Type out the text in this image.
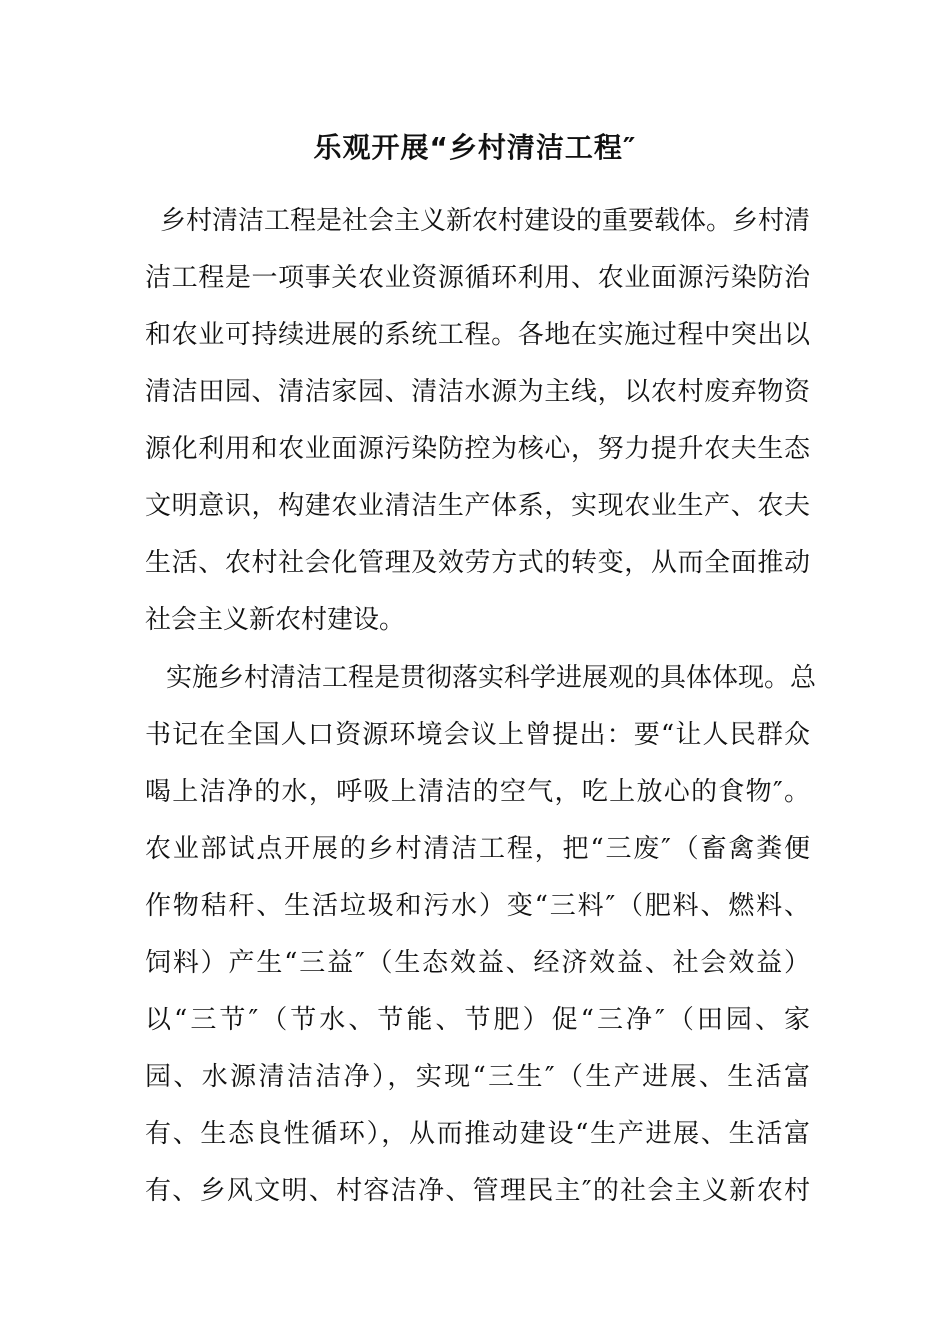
乐观开展“乡村清洁工程″
乡村清洁工程是社会主义新农村建设的重要载体。乡村清
洁工程是一项事关农业资源循环利用、农业面源污染防治
和农业可持续进展的系统工程。各地在实施过程中突出以
清洁田园、清洁家园、清洁水源为主线，以农村废弃物资
源化利用和农业面源污染防控为核心，努力提升农夫生态
文明意识，构建农业清洁生产体系，实现农业生产、农夫
生活、农村社会化管理及效劳方式的转变，从而全面推动
社会主义新农村建设。
实施乡村清洁工程是贯彻落实科学进展观的具体体现。总
书记在全国人口资源环境会议上曾提出：要“让人民群众
喝上洁净的水，呼吸上清洁的空气，吃上放心的食物″。
农业部试点开展的乡村清洁工程，把“三废″（畜禽粪便
作物秸秆、生活垃圾和污水）变“三料″（肥料、燃料、
饲料）产生“三益″（生态效益、经济效益、社会效益）
以“三节″（节水、节能、节肥）促“三净″（田园、家
园、水源清洁洁净），实现“三生″（生产进展、生活富
有、生态良性循环），从而推动建设“生产进展、生活富
有、乡风文明、村容洁净、管理民主″的社会主义新农村
